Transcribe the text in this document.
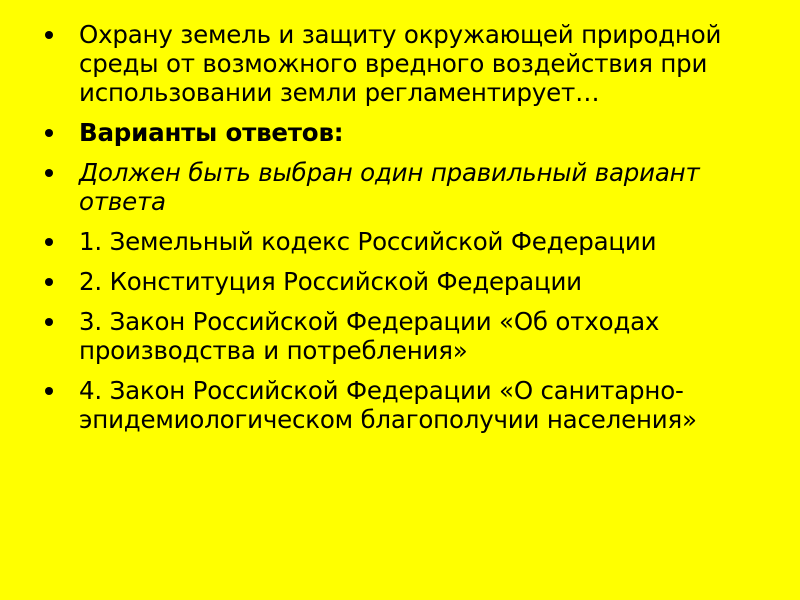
Охрану земель и защиту окружающей природной среды от возможного вредного воздействия при использовании земли регламентирует…
Варианты ответов:
Должен быть выбран один правильный вариант ответа
1. Земельный кодекс Российской Федерации
2. Конституция Российской Федерации
3. Закон Российской Федерации «Об отходах производства и потребления»
4. Закон Российской Федерации «О санитарно-эпидемиологическом благополучии населения»
